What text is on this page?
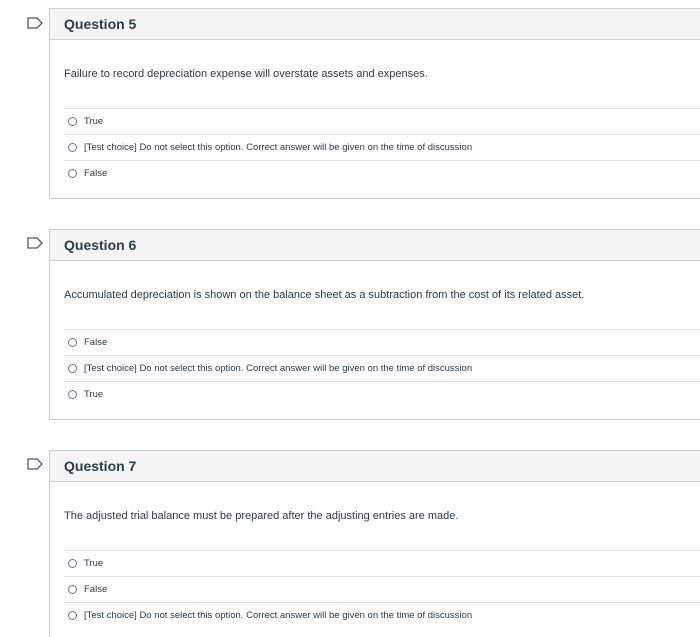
Question 5
Failure to record depreciation expense will overstate assets and expenses.
True
[Test choice] Do not select this option. Correct answer will be given on the time of discussion
False
Question 6
Accumulated depreciation is shown on the balance sheet as a subtraction from the cost of its related asset.
False
[Test choice] Do not select this option. Correct answer will be given on the time of discussion
True
Question 7
The adjusted trial balance must be prepared after the adjusting entries are made.
True
False
[Test choice] Do not select this option. Correct answer will be given on the time of discussion
